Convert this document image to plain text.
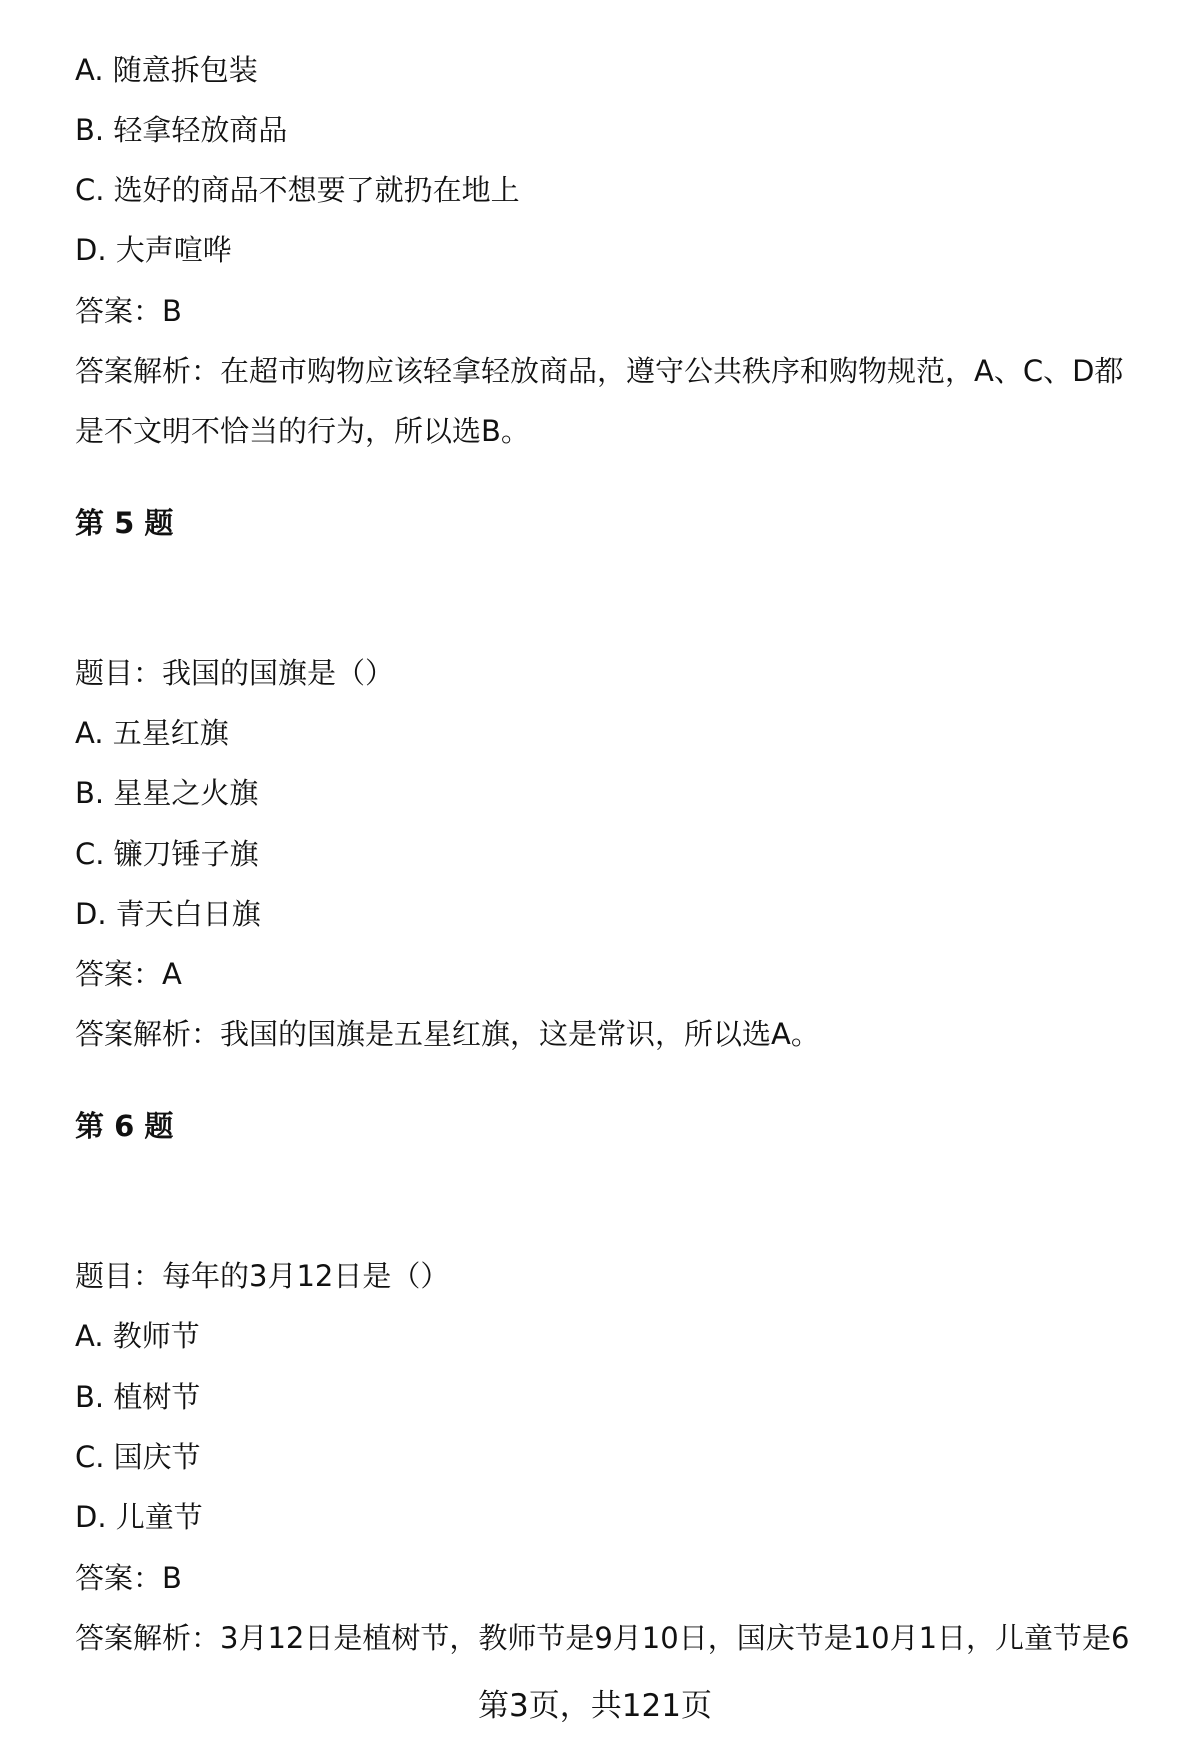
A. 随意拆包装
B. 轻拿轻放商品
C. 选好的商品不想要了就扔在地上
D. 大声喧哗
答案：B
答案解析：在超市购物应该轻拿轻放商品，遵守公共秩序和购物规范，A、C、D都
是不文明不恰当的行为，所以选B。
第 5 题
题目：我国的国旗是（）
A. 五星红旗
B. 星星之火旗
C. 镰刀锤子旗
D. 青天白日旗
答案：A
答案解析：我国的国旗是五星红旗，这是常识，所以选A。
第 6 题
题目：每年的3月12日是（）
A. 教师节
B. 植树节
C. 国庆节
D. 儿童节
答案：B
答案解析：3月12日是植树节，教师节是9月10日，国庆节是10月1日，儿童节是6
第3页，共121页
